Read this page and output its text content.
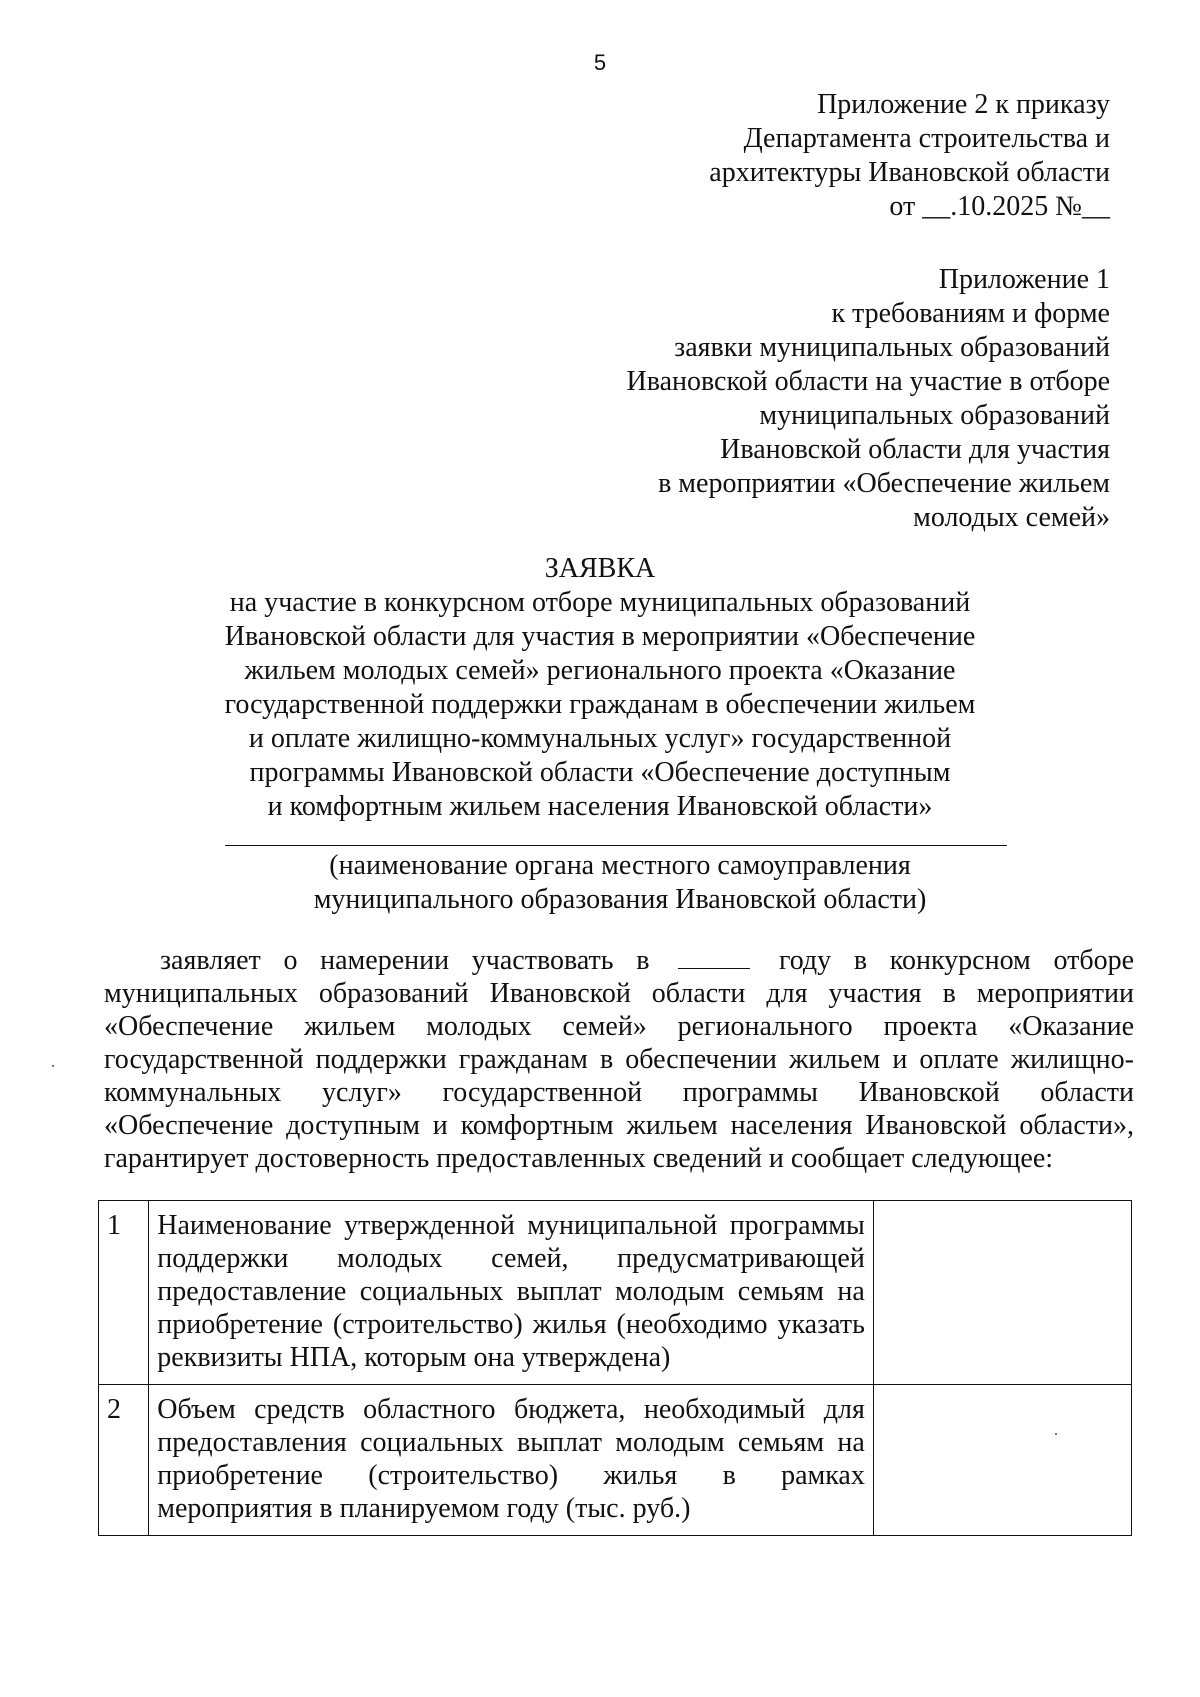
5
Приложение 2 к приказу
Департамента строительства и
архитектуры Ивановской области
от __.10.2025 №__
Приложение 1
к требованиям и форме
заявки муниципальных образований
Ивановской области на участие в отборе
муниципальных образований
Ивановской области для участия
в мероприятии «Обеспечение жильем
молодых семей»
ЗАЯВКА
на участие в конкурсном отборе муниципальных образований
Ивановской области для участия в мероприятии «Обеспечение
жильем молодых семей» регионального проекта «Оказание
государственной поддержки гражданам в обеспечении жильем
и оплате жилищно-коммунальных услуг» государственной
программы Ивановской области «Обеспечение доступным
и комфортным жильем населения Ивановской области»
(наименование органа местного самоуправления
муниципального образования Ивановской области)
заявляет о намерении участвовать в	году в конкурсном отборе
муниципальных образований Ивановской области для участия в мероприятии
«Обеспечение жильем молодых семей» регионального проекта «Оказание
государственной поддержки гражданам в обеспечении жильем и оплате жилищно-
коммунальных услуг» государственной программы Ивановской области
«Обеспечение доступным и комфортным жильем населения Ивановской области»,
гарантирует достоверность предоставленных сведений и сообщает следующее:
1	Наименование утвержденной муниципальной программы
поддержки молодых семей, предусматривающей
предоставление социальных выплат молодым семьям на
приобретение (строительство) жилья (необходимо указать
реквизиты НПА, которым она утверждена)	

2	Объем средств областного бюджета, необходимый для
предоставления социальных выплат молодым семьям на
приобретение (строительство) жилья в рамках
мероприятия в планируемом году (тыс. руб.)	
